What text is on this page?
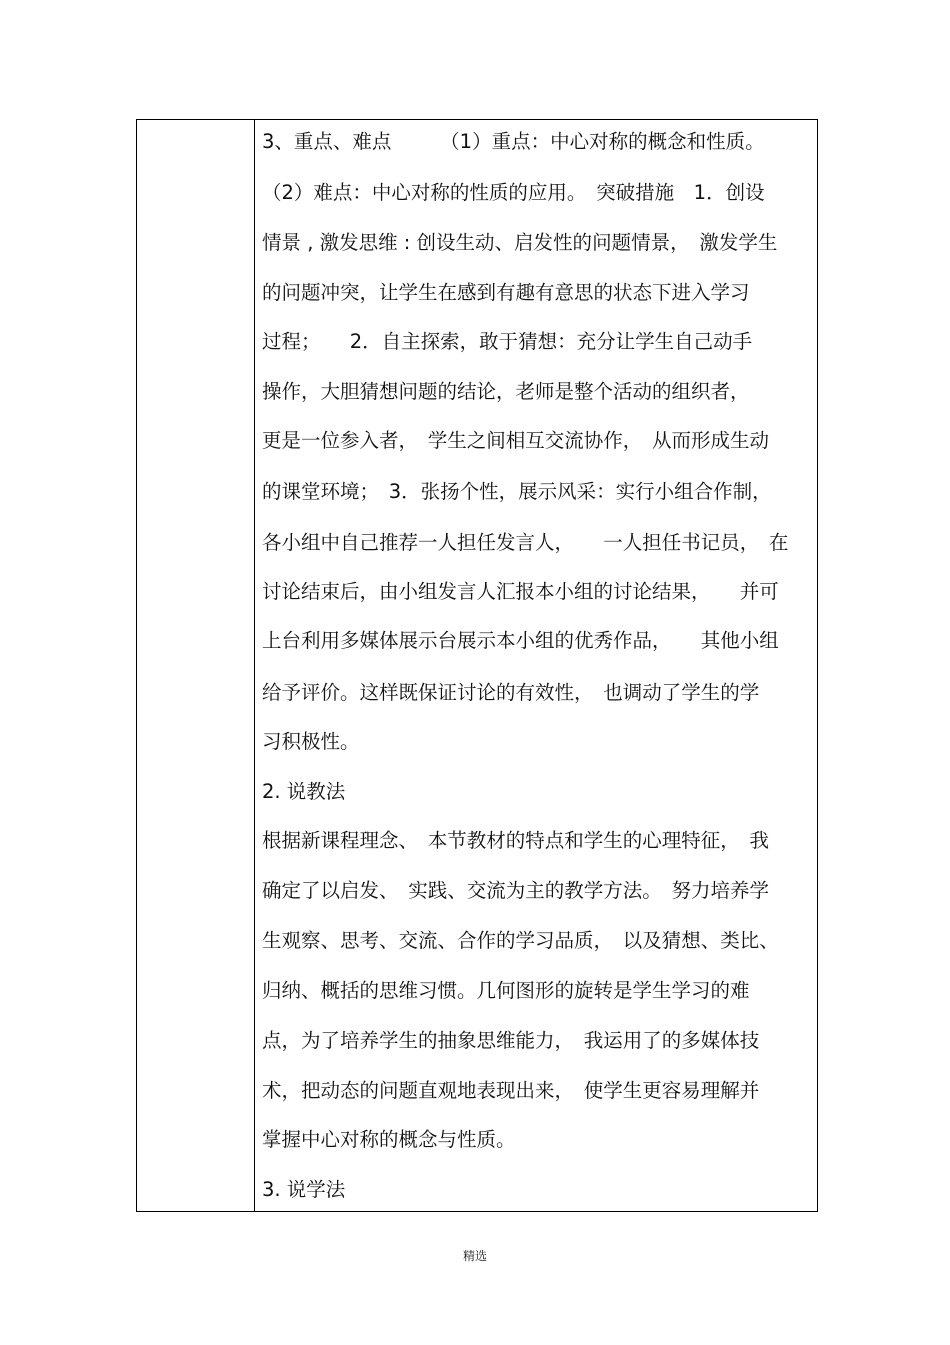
3、重点、难点　　　（1）重点：中心对称的概念和性质。
（2）难点：中心对称的性质的应用。　突破措施　1．创设
情景 , 激发思维 : 创设生动、启发性的问题情景，　激发学生
的问题冲突，让学生在感到有趣有意思的状态下进入学习
过程；　　2．自主探索，敢于猜想：充分让学生自己动手
操作，大胆猜想问题的结论，老师是整个活动的组织者，
更是一位参入者，　学生之间相互交流协作，　从而形成生动
的课堂环境；　3．张扬个性，展示风采：实行小组合作制，
各小组中自己推荐一人担任发言人，　　一人担任书记员，　在
讨论结束后，由小组发言人汇报本小组的讨论结果，　　并可
上台利用多媒体展示台展示本小组的优秀作品，　　其他小组
给予评价。这样既保证讨论的有效性，　也调动了学生的学
习积极性。
2. 说教法
根据新课程理念、　本节教材的特点和学生的心理特征，　我
确定了以启发、　实践、交流为主的教学方法。　努力培养学
生观察、思考、交流、合作的学习品质，　以及猜想、类比、
归纳、概括的思维习惯。几何图形的旋转是学生学习的难
点，为了培养学生的抽象思维能力，　我运用了的多媒体技
术，把动态的问题直观地表现出来，　使学生更容易理解并
掌握中心对称的概念与性质。
3. 说学法
精选
